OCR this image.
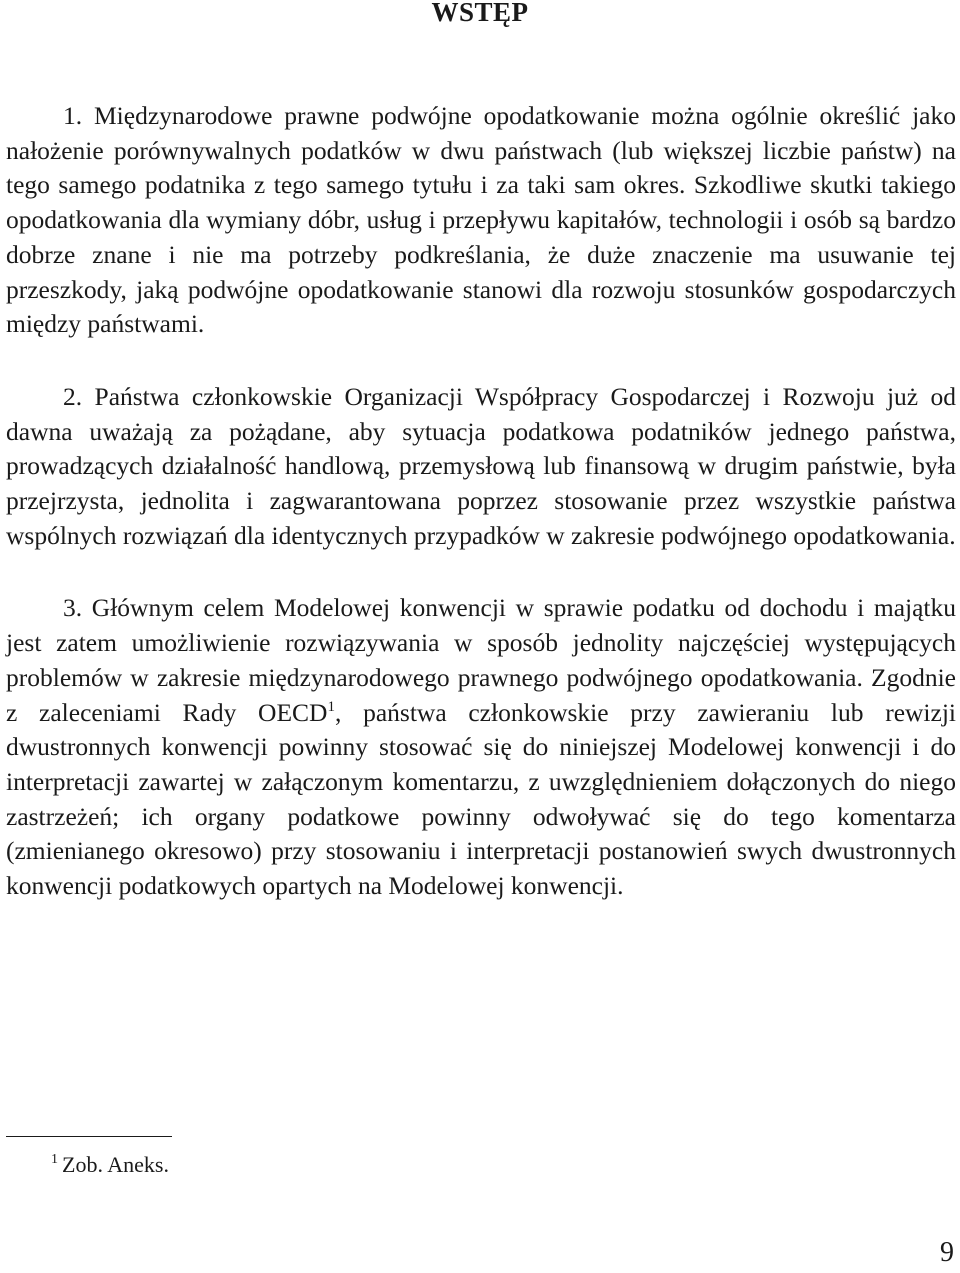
WSTĘP

1. Międzynarodowe prawne podwójne opodatkowanie można ogólnie określić jako nałożenie porównywalnych podatków w dwu państwach (lub większej liczbie państw) na tego samego podatnika z tego samego tytułu i za taki sam okres. Szkodliwe skutki takiego opodatkowania dla wymiany dóbr, usług i przepływu kapitałów, technologii i osób są bardzo dobrze znane i nie ma potrzeby podkreślania, że duże znaczenie ma usuwanie tej przeszkody, jaką podwójne opodatkowanie stanowi dla rozwoju stosunków gospodarczych między państwami.

2. Państwa członkowskie Organizacji Współpracy Gospodarczej i Rozwoju już od dawna uważają za pożądane, aby sytuacja podatkowa podatników jednego państwa, prowadzących działalność handlową, przemysłową lub finansową w drugim państwie, była przejrzysta, jednolita i zagwarantowana poprzez stosowanie przez wszystkie państwa wspólnych rozwiązań dla identycznych przypadków w zakresie podwójnego opodatkowania.

3. Głównym celem Modelowej konwencji w sprawie podatku od dochodu i majątku jest zatem umożliwienie rozwiązywania w sposób jednolity najczęściej występujących problemów w zakresie międzynarodowego prawnego podwójnego opodatkowania. Zgodnie z zaleceniami Rady OECD$^1$, państwa członkowskie przy zawieraniu lub rewizji dwustronnych konwencji powinny stosować się do niniejszej Modelowej konwencji i do interpretacji zawartej w załączonym komentarzu, z uwzględnieniem dołączonych do niego zastrzeżeń; ich organy podatkowe powinny odwoływać się do tego komentarza (zmienianego okresowo) przy stosowaniu i interpretacji postanowień swych dwustronnych konwencji podatkowych opartych na Modelowej konwencji.

$^1$ Zob. Aneks.
9
